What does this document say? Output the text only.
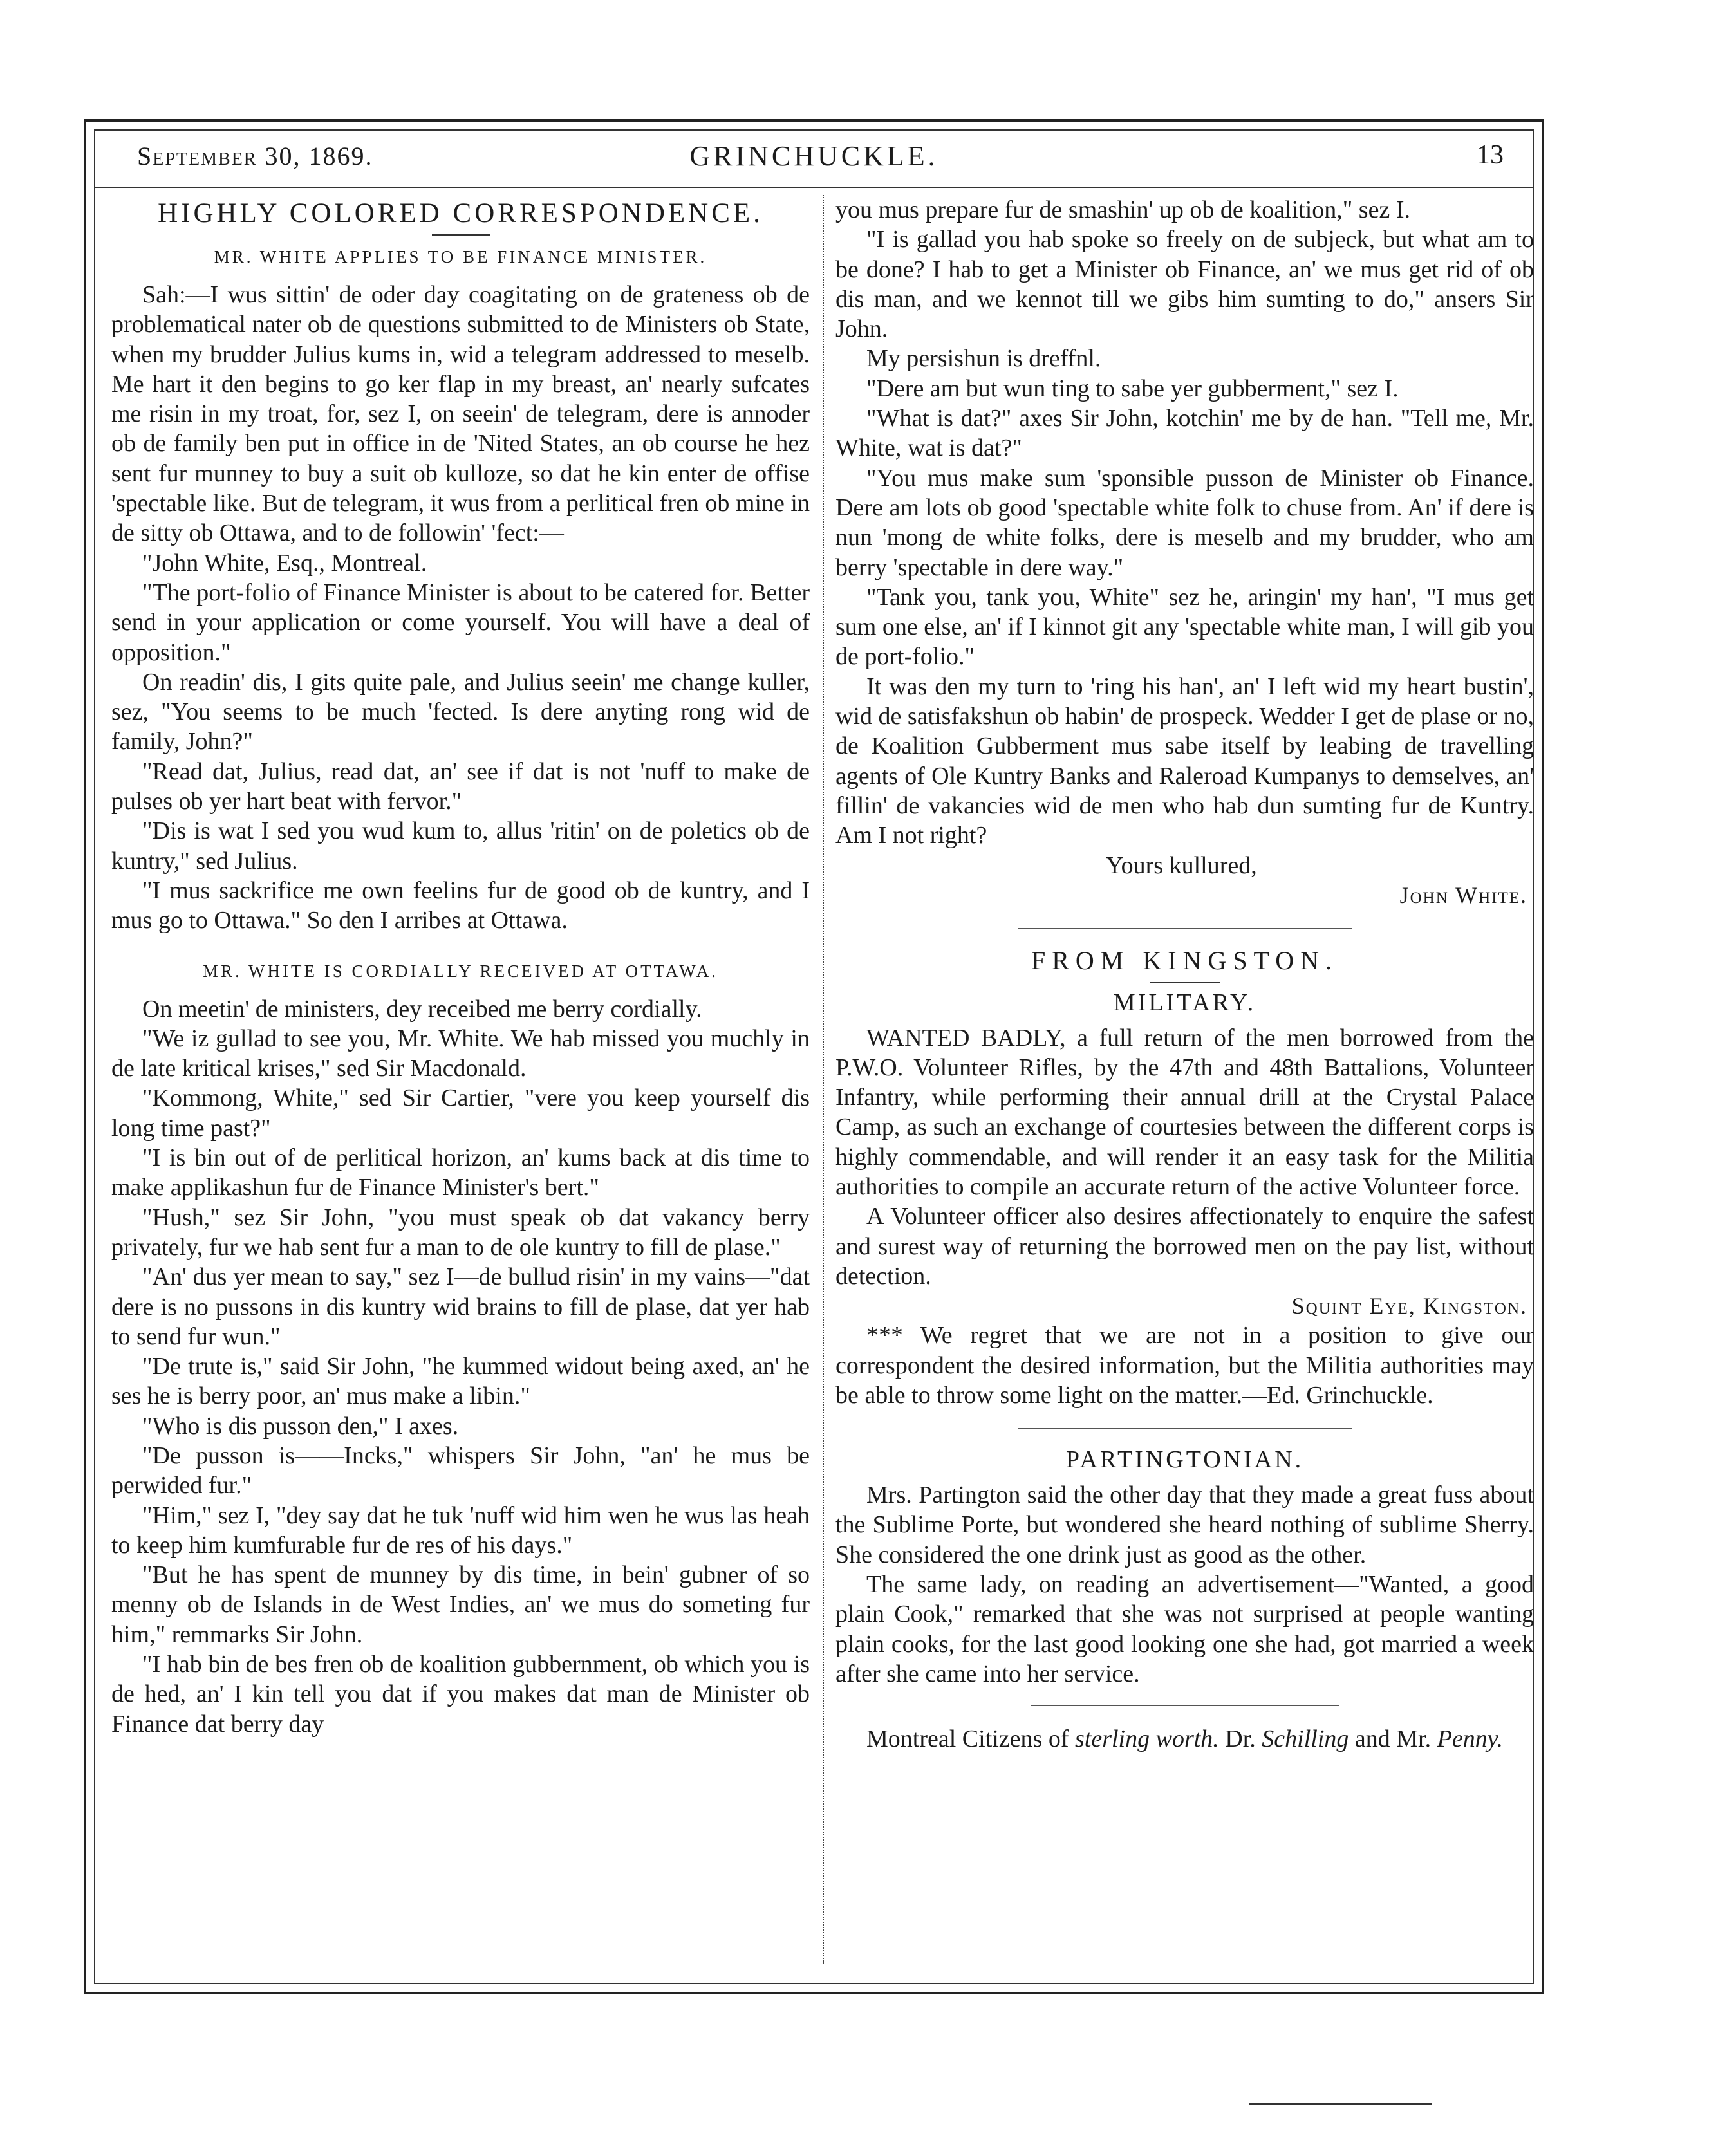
September 30, 1869.	GRINCHUCKLE.	13
HIGHLY COLORED CORRESPONDENCE.
MR. WHITE APPLIES TO BE FINANCE MINISTER.

Sah:—I wus sittin' de oder day coagitating on de grateness ob de problematical nater ob de questions submitted to de Ministers ob State, when my brudder Julius kums in, wid a telegram addressed to meselb. Me hart it den begins to go ker flap in my breast, an' nearly sufcates me risin in my troat, for, sez I, on seein' de telegram, dere is annoder ob de family ben put in office in de 'Nited States, an ob course he hez sent fur munney to buy a suit ob kulloze, so dat he kin enter de offise 'spectable like. But de telegram, it wus from a perlitical fren ob mine in de sitty ob Ottawa, and to de followin' 'fect:—

"John White, Esq., Montreal.

"The port-folio of Finance Minister is about to be catered for. Better send in your application or come yourself. You will have a deal of opposition."

On readin' dis, I gits quite pale, and Julius seein' me change kuller, sez, "You seems to be much 'fected. Is dere anyting rong wid de family, John?"

"Read dat, Julius, read dat, an' see if dat is not 'nuff to make de pulses ob yer hart beat with fervor."

"Dis is wat I sed you wud kum to, allus 'ritin' on de poletics ob de kuntry," sed Julius.

"I mus sackrifice me own feelins fur de good ob de kuntry, and I mus go to Ottawa." So den I arribes at Ottawa.

MR. WHITE IS CORDIALLY RECEIVED AT OTTAWA.

On meetin' de ministers, dey receibed me berry cordially.

"We iz gullad to see you, Mr. White. We hab missed you muchly in de late kritical krises," sed Sir Macdonald.

"Kommong, White," sed Sir Cartier, "vere you keep yourself dis long time past?"

"I is bin out of de perlitical horizon, an' kums back at dis time to make applikashun fur de Finance Minister's bert."

"Hush," sez Sir John, "you must speak ob dat vakancy berry privately, fur we hab sent fur a man to de ole kuntry to fill de plase."

"An' dus yer mean to say," sez I—de bullud risin' in my vains—"dat dere is no pussons in dis kuntry wid brains to fill de plase, dat yer hab to send fur wun."

"De trute is," said Sir John, "he kummed widout being axed, an' he ses he is berry poor, an' mus make a libin."

"Who is dis pusson den," I axes.

"De pusson is——Incks," whispers Sir John, "an' he mus be perwided fur."

"Him," sez I, "dey say dat he tuk 'nuff wid him wen he wus las heah to keep him kumfurable fur de res of his days."

"But he has spent de munney by dis time, in bein' gubner of so menny ob de Islands in de West Indies, an' we mus do someting fur him," remmarks Sir John.

"I hab bin de bes fren ob de koalition gubbernment, ob which you is de hed, an' I kin tell you dat if you makes dat man de Minister ob Finance dat berry day

you mus prepare fur de smashin' up ob de koalition," sez I.

"I is gallad you hab spoke so freely on de subjeck, but what am to be done? I hab to get a Minister ob Finance, an' we mus get rid of ob dis man, and we kennot till we gibs him sumting to do," ansers Sir John.

My persishun is dreffnl.

"Dere am but wun ting to sabe yer gubberment," sez I.

"What is dat?" axes Sir John, kotchin' me by de han. "Tell me, Mr. White, wat is dat?"

"You mus make sum 'sponsible pusson de Minister ob Finance. Dere am lots ob good 'spectable white folk to chuse from. An' if dere is nun 'mong de white folks, dere is meselb and my brudder, who am berry 'spectable in dere way."

"Tank you, tank you, White" sez he, aringin' my han', "I mus get sum one else, an' if I kinnot git any 'spectable white man, I will gib you de port-folio."

It was den my turn to 'ring his han', an' I left wid my heart bustin', wid de satisfakshun ob habin' de prospeck. Wedder I get de plase or no, de Koalition Gubberment mus sabe itself by leabing de travelling agents of Ole Kuntry Banks and Raleroad Kumpanys to demselves, an' fillin' de vakancies wid de men who hab dun sumting fur de Kuntry. Am I not right?

Yours kullured,

John White.

FROM KINGSTON.
MILITARY.

WANTED BADLY, a full return of the men borrowed from the P.W.O. Volunteer Rifles, by the 47th and 48th Battalions, Volunteer Infantry, while performing their annual drill at the Crystal Palace Camp, as such an exchange of courtesies between the different corps is highly commendable, and will render it an easy task for the Militia authorities to compile an accurate return of the active Volunteer force.

A Volunteer officer also desires affectionately to enquire the safest and surest way of returning the borrowed men on the pay list, without detection.

Squint Eye, Kingston.

*** We regret that we are not in a position to give our correspondent the desired information, but the Militia authorities may be able to throw some light on the matter.—Ed. Grinchuckle.

PARTINGTONIAN.

Mrs. Partington said the other day that they made a great fuss about the Sublime Porte, but wondered she heard nothing of sublime Sherry. She considered the one drink just as good as the other.

The same lady, on reading an advertisement—"Wanted, a good plain Cook," remarked that she was not surprised at people wanting plain cooks, for the last good looking one she had, got married a week after she came into her service.

Montreal Citizens of sterling worth. Dr. Schilling and Mr. Penny.
